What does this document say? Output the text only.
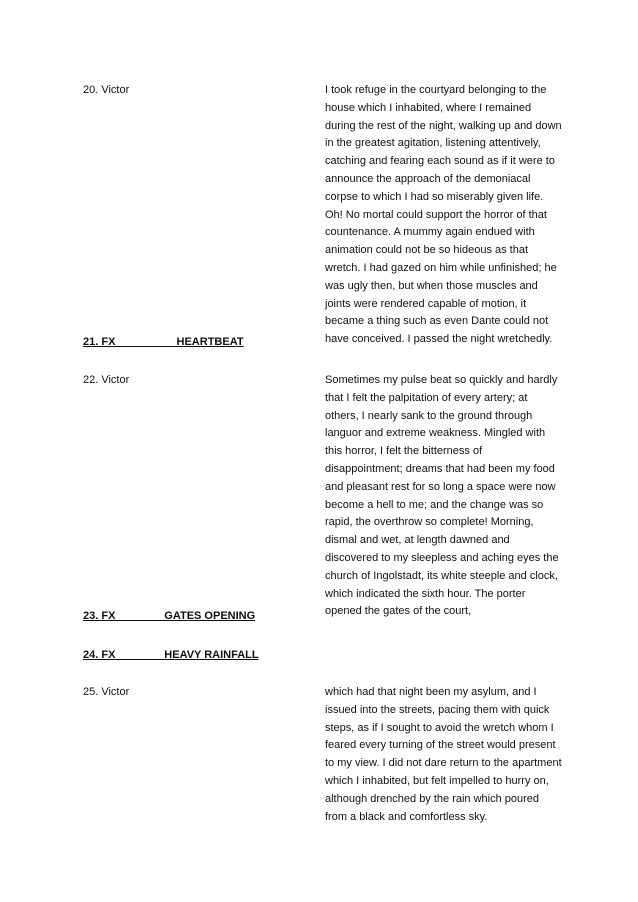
20. Victor	I took refuge in the courtyard belonging to the
house which I inhabited, where I remained
during the rest of the night, walking up and down
in the greatest agitation, listening attentively,
catching and fearing each sound as if it were to
announce the approach of the demoniacal
corpse to which I had so miserably given life.
Oh! No mortal could support the horror of that
countenance. A mummy again endued with
animation could not be so hideous as that
wretch. I had gazed on him while unfinished; he
was ugly then, but when those muscles and
joints were rendered capable of motion, it
became a thing such as even Dante could not
have conceived. I passed the night wretchedly.
21. FX                    HEARTBEAT
22. Victor	Sometimes my pulse beat so quickly and hardly
that I felt the palpitation of every artery; at
others, I nearly sank to the ground through
languor and extreme weakness. Mingled with
this horror, I felt the bitterness of
disappointment; dreams that had been my food
and pleasant rest for so long a space were now
become a hell to me; and the change was so
rapid, the overthrow so complete! Morning,
dismal and wet, at length dawned and
discovered to my sleepless and aching eyes the
church of Ingolstadt, its white steeple and clock,
which indicated the sixth hour. The porter
opened the gates of the court,
23. FX                GATES OPENING
24. FX                HEAVY RAINFALL
25. Victor	which had that night been my asylum, and I
issued into the streets, pacing them with quick
steps, as if I sought to avoid the wretch whom I
feared every turning of the street would present
to my view. I did not dare return to the apartment
which I inhabited, but felt impelled to hurry on,
although drenched by the rain which poured
from a black and comfortless sky.
